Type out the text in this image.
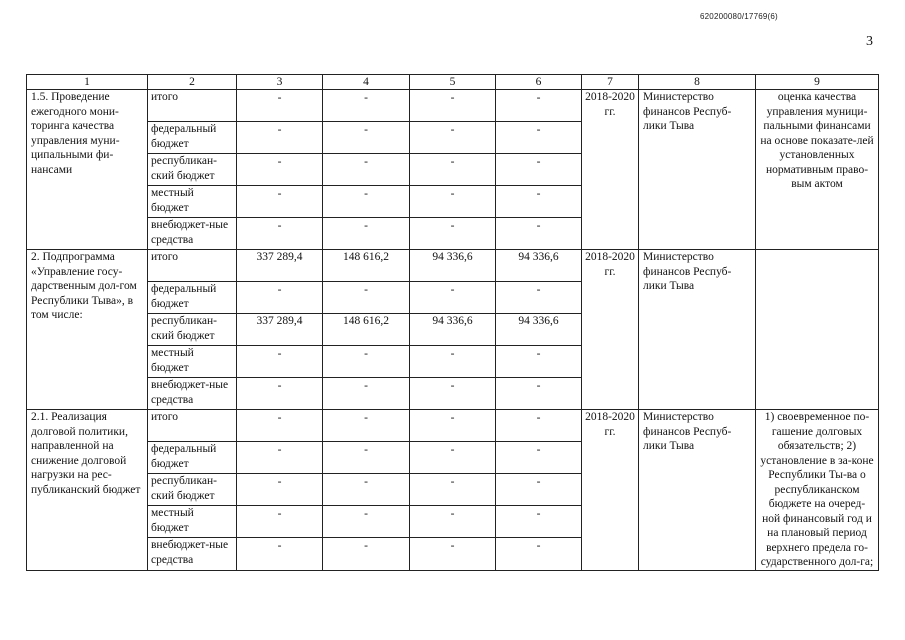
620200080/17769(6)
3
1	2	3	4	5	6	7	8	9
1.5. Проведение ежегодного мони-торинга качества управления муни-ципальными фи-нансами	итого	-	-	-	-	2018-2020 гг.	Министерство финансов Респуб-лики Тыва	оценка качества управления муници-пальными финансами на основе показате-лей установленных нормативным право-вым актом
	федеральный бюджет	-	-	-	-			

	республикан-ский бюджет	-	-	-	-			

	местный бюджет	-	-	-	-			

	внебюджет-ные средства	-	-	-	-			

2. Подпрограмма «Управление госу-дарственным дол-гом Республики Тыва», в том числе:	итого	337 289,4	148 616,2	94 336,6	94 336,6	2018-2020 гг.	Министерство финансов Респуб-лики Тыва	
	федеральный бюджет	-	-	-	-			

	республикан-ский бюджет	337 289,4	148 616,2	94 336,6	94 336,6			

	местный бюджет	-	-	-	-			

	внебюджет-ные средства	-	-	-	-			

2.1. Реализация долговой политики, направленной на снижение долговой нагрузки на рес-публиканский бюджет	итого	-	-	-	-	2018-2020 гг.	Министерство финансов Респуб-лики Тыва	1) своевременное по-гашение долговых обязательств; 2) установление в за-коне Республики Ты-ва о республиканском бюджете на очеред-ной финансовый год и на плановый период верхнего предела го-сударственного дол-га;
	федеральный бюджет	-	-	-	-			

	республикан-ский бюджет	-	-	-	-			

	местный бюджет	-	-	-	-			

	внебюджет-ные средства	-	-	-	-			
